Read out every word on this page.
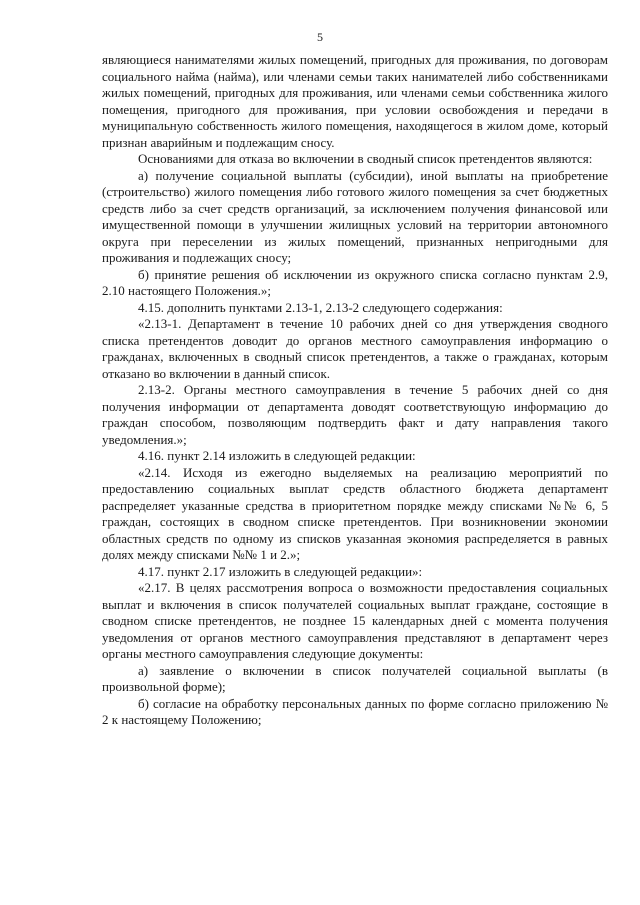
5

являющиеся нанимателями жилых помещений, пригодных для проживания, по договорам социального найма (найма), или членами семьи таких нанимателей либо собственниками жилых помещений, пригодных для проживания, или членами семьи собственника жилого помещения, пригодного для проживания, при условии освобождения и передачи в муниципальную собственность жилого помещения, находящегося в жилом доме, который признан аварийным и подлежащим сносу.

Основаниями для отказа во включении в сводный список претендентов являются:

а) получение социальной выплаты (субсидии), иной выплаты на приобретение (строительство) жилого помещения либо готового жилого помещения за счет бюджетных средств либо за счет средств организаций, за исключением получения финансовой или имущественной помощи в улучшении жилищных условий на территории автономного округа при переселении из жилых помещений, признанных непригодными для проживания и подлежащих сносу;

б) принятие решения об исключении из окружного списка согласно пунктам 2.9, 2.10 настоящего Положения.»;

4.15. дополнить пунктами 2.13-1, 2.13-2 следующего содержания:

«2.13-1. Департамент в течение 10 рабочих дней со дня утверждения сводного списка претендентов доводит до органов местного самоуправления информацию о гражданах, включенных в сводный список претендентов, а также о гражданах, которым отказано во включении в данный список.

2.13-2. Органы местного самоуправления в течение 5 рабочих дней со дня получения информации от департамента доводят соответствующую информацию до граждан способом, позволяющим подтвердить факт и дату направления такого уведомления.»;

4.16. пункт 2.14 изложить в следующей редакции:

«2.14. Исходя из ежегодно выделяемых на реализацию мероприятий по предоставлению социальных выплат средств областного бюджета департамент распределяет указанные средства в приоритетном порядке между списками №№ 6, 5 граждан, состоящих в сводном списке претендентов. При возникновении экономии областных средств по одному из списков указанная экономия распределяется в равных долях между списками №№ 1 и 2.»;

4.17. пункт 2.17 изложить в следующей редакции»:

«2.17. В целях рассмотрения вопроса о возможности предоставления социальных выплат и включения в список получателей социальных выплат граждане, состоящие в сводном списке претендентов, не позднее 15 календарных дней с момента получения уведомления от органов местного самоуправления представляют в департамент через органы местного самоуправления следующие документы:

а) заявление о включении в список получателей социальной выплаты (в произвольной форме);

б) согласие на обработку персональных данных по форме согласно приложению № 2 к настоящему Положению;
